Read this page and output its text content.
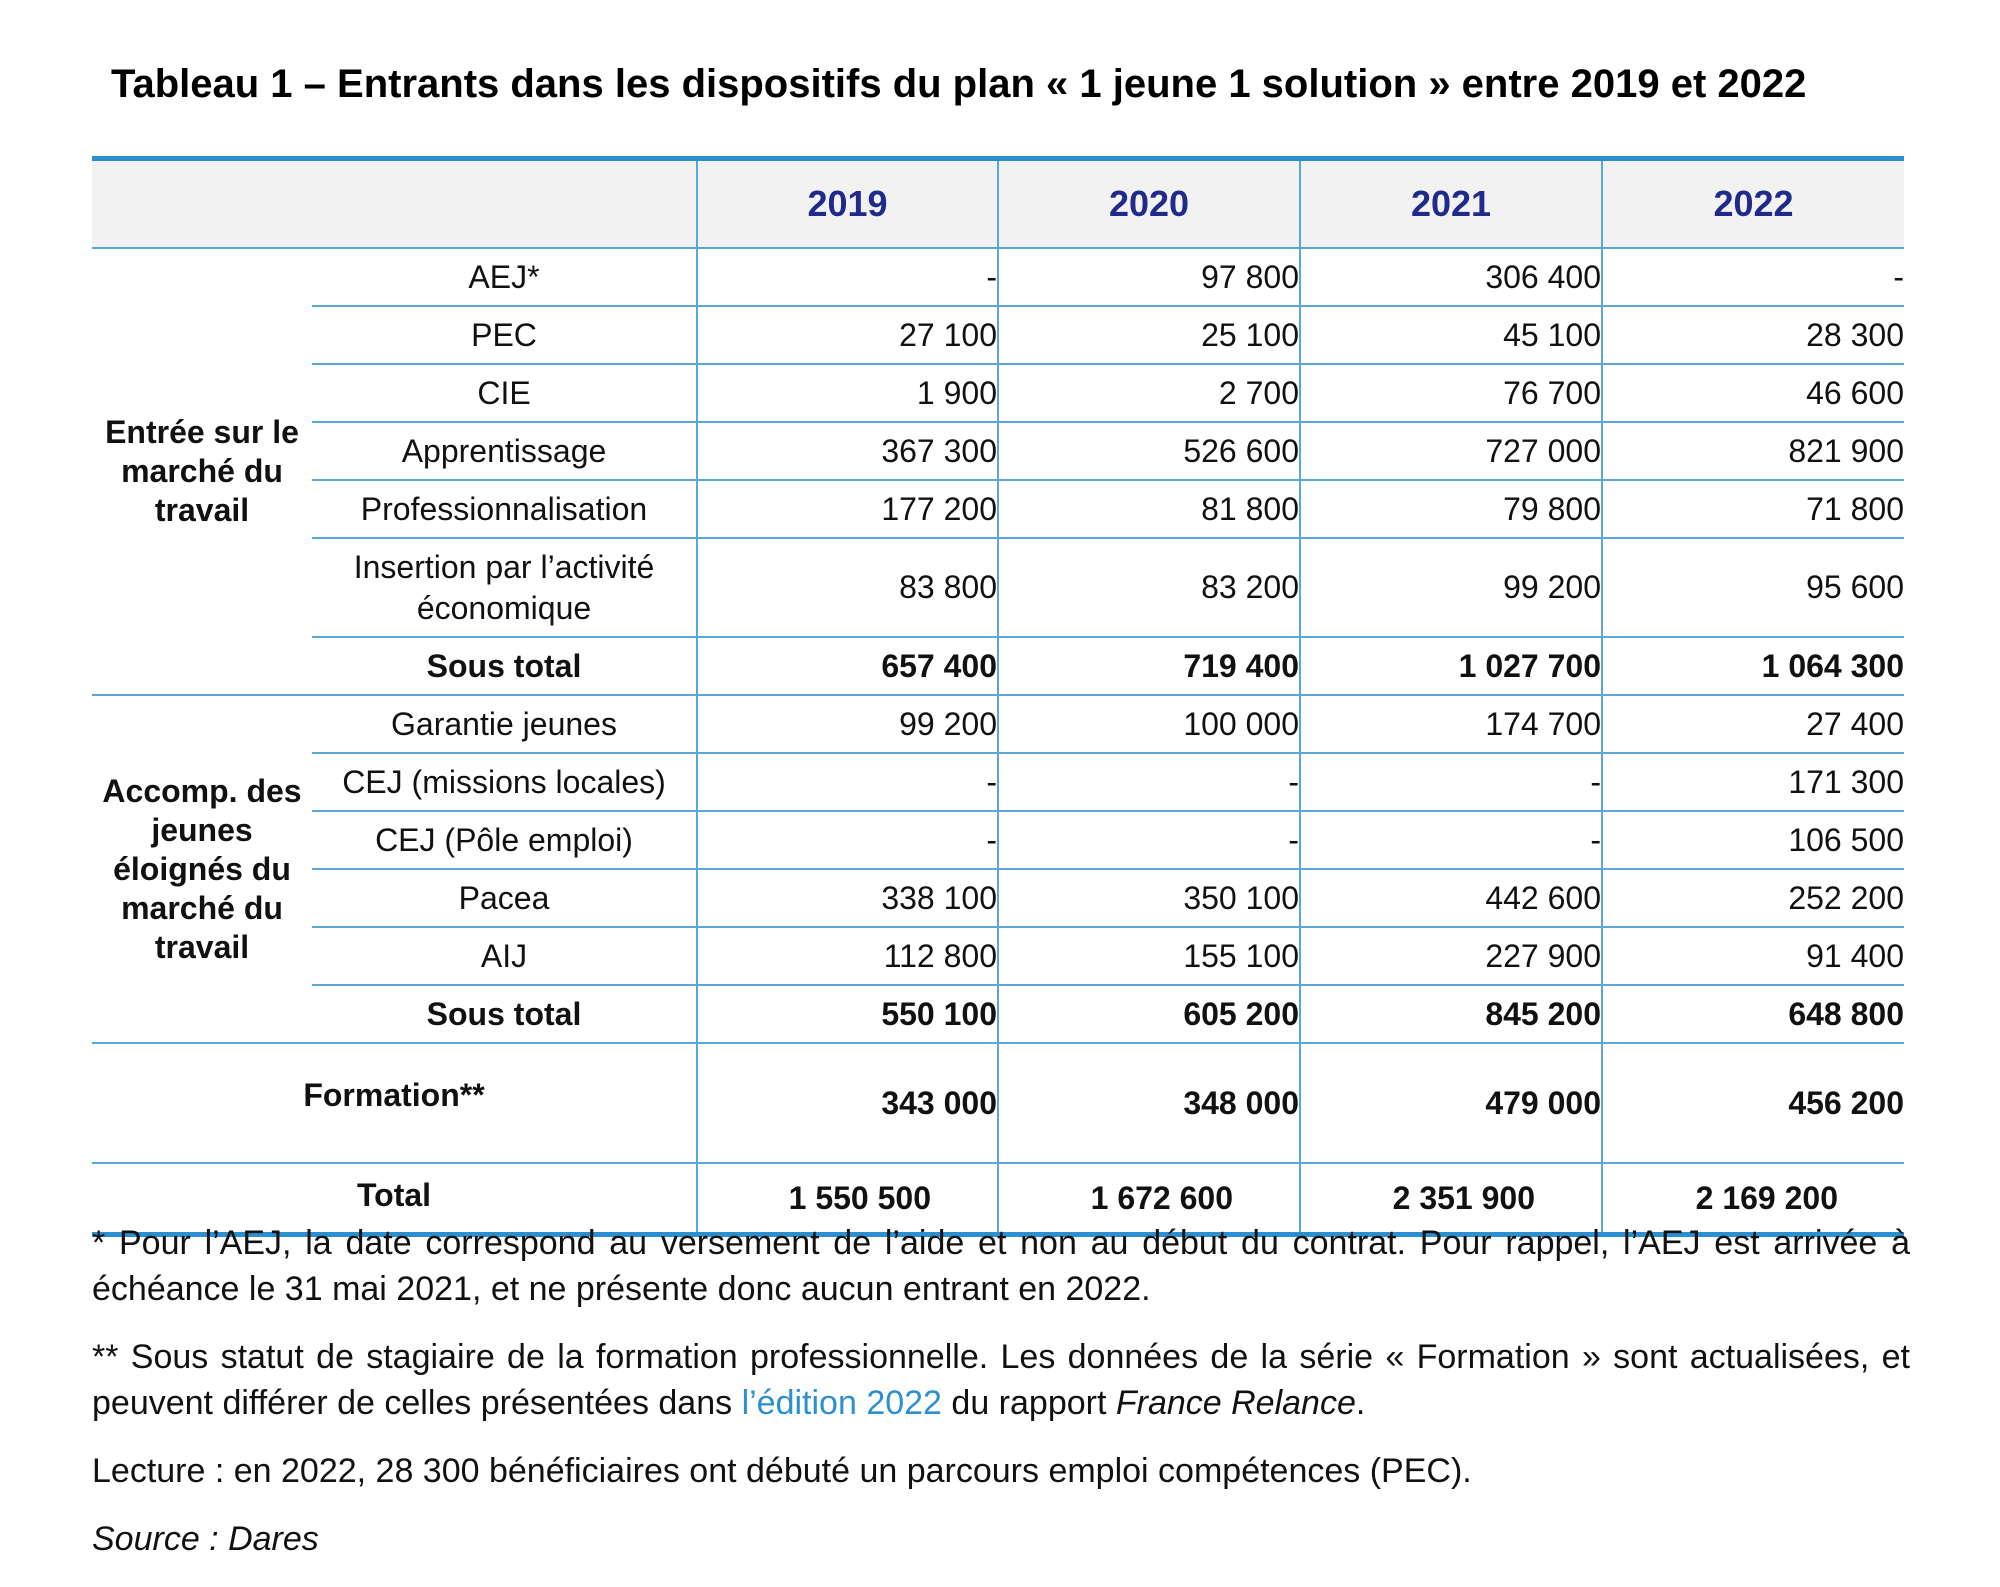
Tableau 1 – Entrants dans les dispositifs du plan « 1 jeune 1 solution » entre 2019 et 2022
		2019	2020	2021	2022
Entrée sur le marché du travail	AEJ*	-	97 800	306 400	-
	PEC	27 100	25 100	45 100	28 300
	CIE	1 900	2 700	76 700	46 600
	Apprentissage	367 300	526 600	727 000	821 900
	Professionnalisation	177 200	81 800	79 800	71 800
	Insertion par l’activité économique	83 800	83 200	99 200	95 600
	Sous total	657 400	719 400	1 027 700	1 064 300
Accomp. des jeunes éloignés du marché du travail	Garantie jeunes	99 200	100 000	174 700	27 400
	CEJ (missions locales)	-	-	-	171 300
	CEJ (Pôle emploi)	-	-	-	106 500
	Pacea	338 100	350 100	442 600	252 200
	AIJ	112 800	155 100	227 900	91 400
	Sous total	550 100	605 200	845 200	648 800
Formation**		343 000	348 000	479 000	456 200
Total		1 550 500	1 672 600	2 351 900	2 169 200

* Pour l’AEJ, la date correspond au versement de l’aide et non au début du contrat. Pour rappel, l’AEJ est arrivée à échéance le 31 mai 2021, et ne présente donc aucun entrant en 2022.

** Sous statut de stagiaire de la formation professionnelle. Les données de la série « Formation » sont actualisées, et peuvent différer de celles présentées dans l’édition 2022 du rapport France Relance.

Lecture : en 2022, 28 300 bénéficiaires ont débuté un parcours emploi compétences (PEC).

Source : Dares
